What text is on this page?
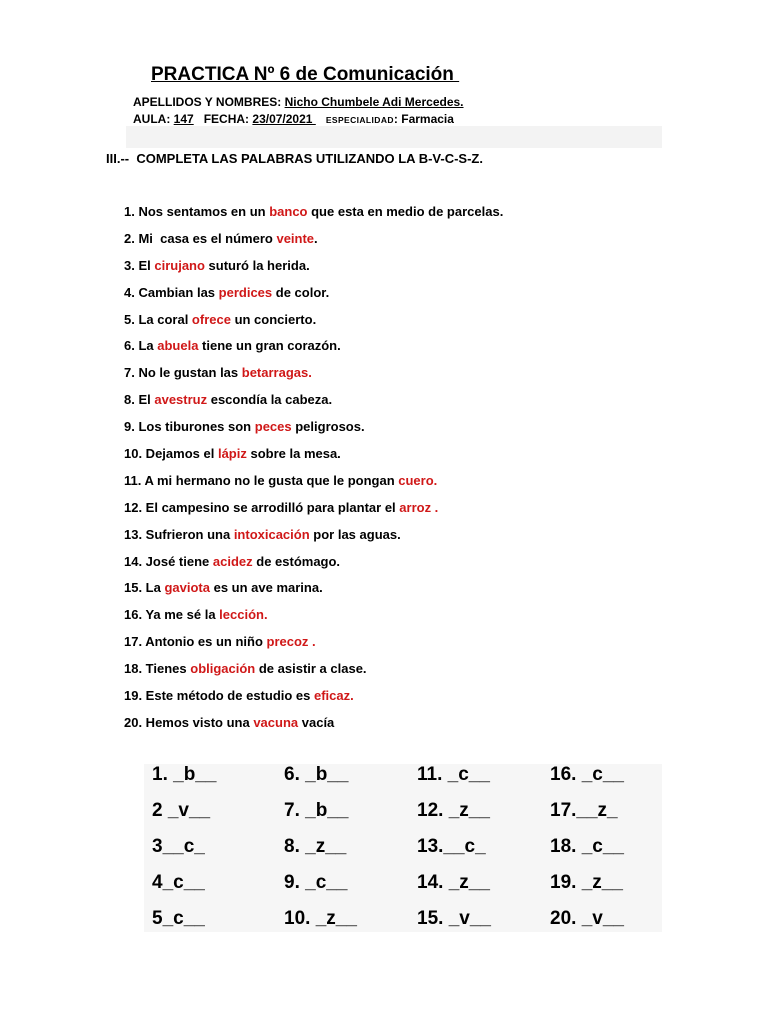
PRACTICA Nº 6 de Comunicación
APELLIDOS Y NOMBRES: Nicho Chumbele Adi Mercedes.
AULA: 147 FECHA: 23/07/2021    ESPECIALIDAD: Farmacia
III.--  COMPLETA LAS PALABRAS UTILIZANDO LA B-V-C-S-Z.
1. Nos sentamos en un banco que esta en medio de parcelas.
2. Mi  casa es el número veinte.
3. El cirujano suturó la herida.
4. Cambian las perdices de color.
5. La coral ofrece un concierto.
6. La abuela tiene un gran corazón.
7. No le gustan las betarragas.
8. El avestruz escondía la cabeza.
9. Los tiburones son peces peligrosos.
10. Dejamos el lápiz sobre la mesa.
11. A mi hermano no le gusta que le pongan cuero.
12. El campesino se arrodilló para plantar el arroz .
13. Sufrieron una intoxicación por las aguas.
14. José tiene acidez de estómago.
15. La gaviota es un ave marina.
16. Ya me sé la lección.
17. Antonio es un niño precoz .
18. Tienes obligación de asistir a clase.
19. Este método de estudio es eficaz.
20. Hemos visto una vacuna vacía
1. _b__	6. _b__	11. _c__	16. _c__
2 _v__	7. _b__	12. _z__	17.__z_
3__c_	8. _z__	13.__c_	18. _c__
4_c__	9. _c__	14. _z__	19. _z__
5_c__	10. _z__	15. _v__	20. _v__
